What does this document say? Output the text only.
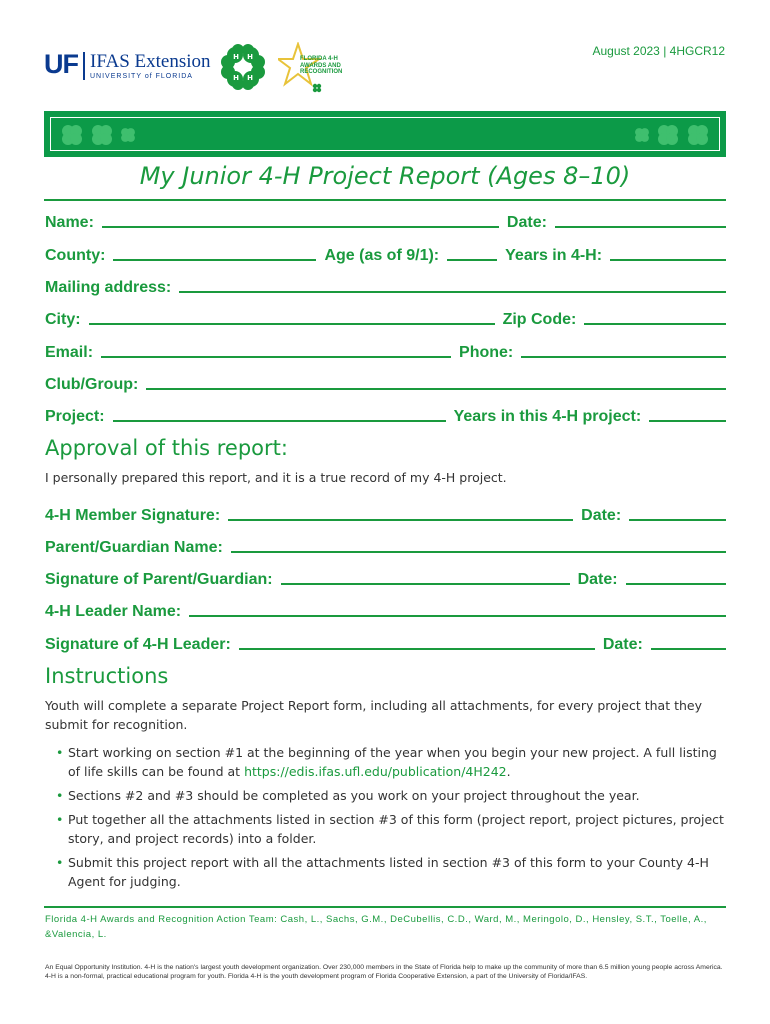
UF IFAS Extension
UNIVERSITY of FLORIDA
H H
H H
FLORIDA 4-H
AWARDS AND
RECOGNITION
August 2023 | 4HGCR12
My Junior 4-H Project Report (Ages 8–10)
Name:	Date:
County:	Age (as of 9/1):	Years in 4-H:
Mailing address:
City:	Zip Code:
Email:	Phone:
Club/Group:
Project:	Years in this 4-H project:
Approval of this report:
I personally prepared this report, and it is a true record of my 4-H project.
4-H Member Signature:	Date:
Parent/Guardian Name:
Signature of Parent/Guardian:	Date:
4-H Leader Name:
Signature of 4-H Leader:	Date:
Instructions
Youth will complete a separate Project Report form, including all attachments, for every project that they submit for recognition.
• Start working on section #1 at the beginning of the year when you begin your new project. A full listing of life skills can be found at https://edis.ifas.ufl.edu/publication/4H242.
• Sections #2 and #3 should be completed as you work on your project throughout the year.
• Put together all the attachments listed in section #3 of this form (project report, project pictures, project story, and project records) into a folder.
• Submit this project report with all the attachments listed in section #3 of this form to your County 4-H Agent for judging.
Florida 4-H Awards and Recognition Action Team: Cash, L., Sachs, G.M., DeCubellis, C.D., Ward, M., Meringolo, D., Hensley, S.T., Toelle, A., &Valencia, L.
An Equal Opportunity Institution. 4-H is the nation's largest youth development organization. Over 230,000 members in the State of Florida help to make up the community of more than 6.5 million young people across America. 4-H is a non-formal, practical educational program for youth. Florida 4-H is the youth development program of Florida Cooperative Extension, a part of the University of Florida/IFAS.
